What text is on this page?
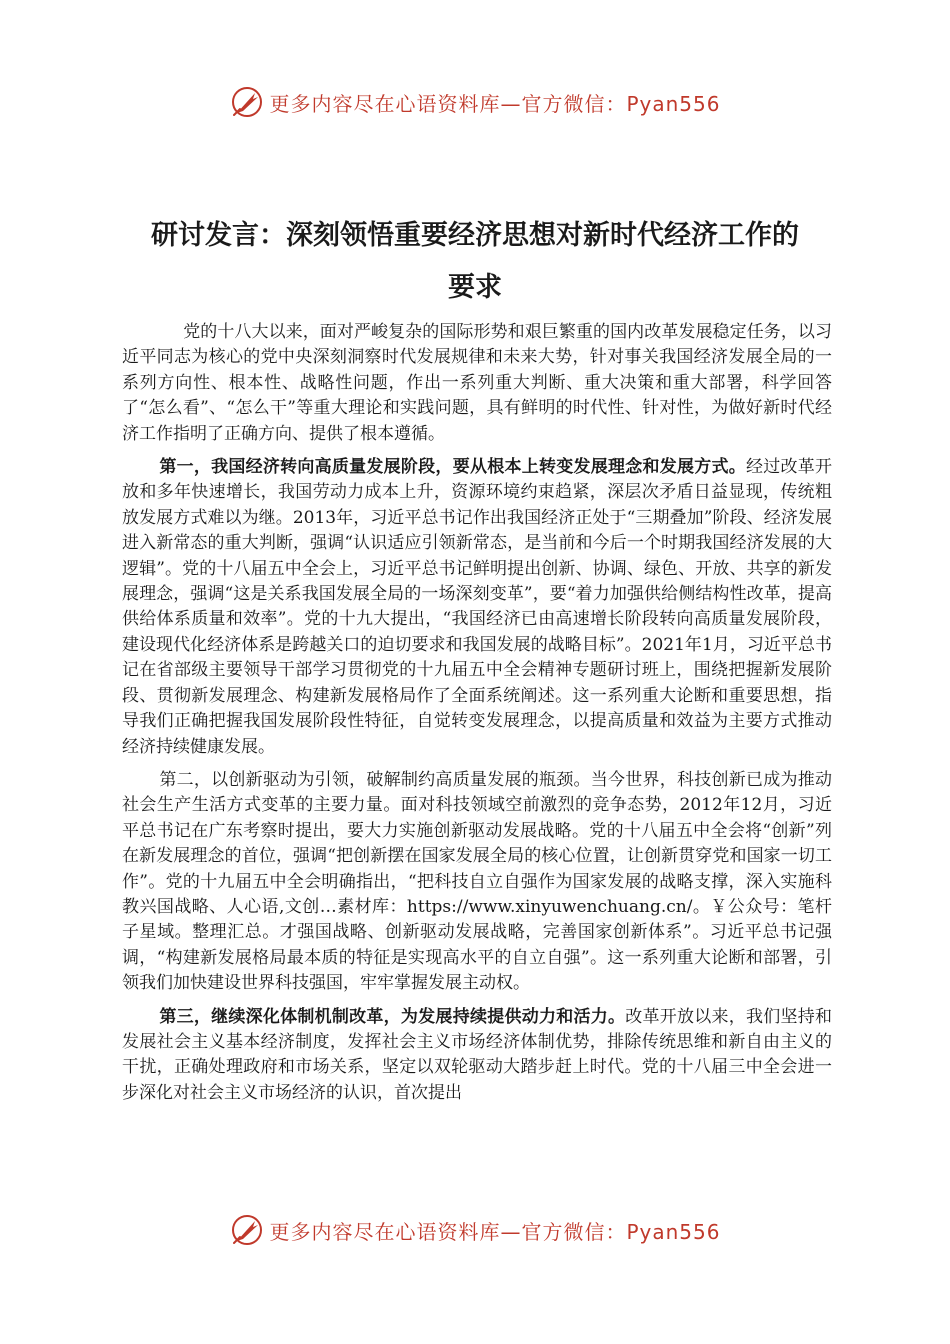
更多内容尽在心语资料库—官方微信：Pyan556
研讨发言：深刻领悟重要经济思想对新时代经济工作的
要求

党的十八大以来，面对严峻复杂的国际形势和艰巨繁重的国内改革发展稳定任务，以习近平同志为核心的党中央深刻洞察时代发展规律和未来大势，针对事关我国经济发展全局的一系列方向性、根本性、战略性问题，作出一系列重大判断、重大决策和重大部署，科学回答了“怎么看”、“怎么干”等重大理论和实践问题，具有鲜明的时代性、针对性，为做好新时代经济工作指明了正确方向、提供了根本遵循。

第一，我国经济转向高质量发展阶段，要从根本上转变发展理念和发展方式。经过改革开放和多年快速增长，我国劳动力成本上升，资源环境约束趋紧，深层次矛盾日益显现，传统粗放发展方式难以为继。2013年，习近平总书记作出我国经济正处于“三期叠加”阶段、经济发展进入新常态的重大判断，强调“认识适应引领新常态，是当前和今后一个时期我国经济发展的大逻辑”。党的十八届五中全会上，习近平总书记鲜明提出创新、协调、绿色、开放、共享的新发展理念，强调“这是关系我国发展全局的一场深刻变革”，要“着力加强供给侧结构性改革，提高供给体系质量和效率”。党的十九大提出，“我国经济已由高速增长阶段转向高质量发展阶段，建设现代化经济体系是跨越关口的迫切要求和我国发展的战略目标”。2021年1月，习近平总书记在省部级主要领导干部学习贯彻党的十九届五中全会精神专题研讨班上，围绕把握新发展阶段、贯彻新发展理念、构建新发展格局作了全面系统阐述。这一系列重大论断和重要思想，指导我们正确把握我国发展阶段性特征，自觉转变发展理念，以提高质量和效益为主要方式推动经济持续健康发展。

第二，以创新驱动为引领，破解制约高质量发展的瓶颈。当今世界，科技创新已成为推动社会生产生活方式变革的主要力量。面对科技领域空前激烈的竞争态势，2012年12月，习近平总书记在广东考察时提出，要大力实施创新驱动发展战略。党的十八届五中全会将“创新”列在新发展理念的首位，强调“把创新摆在国家发展全局的核心位置，让创新贯穿党和国家一切工作”。党的十九届五中全会明确指出，“把科技自立自强作为国家发展的战略支撑，深入实施科教兴国战略、人心语,文创…素材库：https://www.xinyuwenchuang.cn/。￥公众号：笔杆子星域。整理汇总。才强国战略、创新驱动发展战略，完善国家创新体系”。习近平总书记强调，“构建新发展格局最本质的特征是实现高水平的自立自强”。这一系列重大论断和部署，引领我们加快建设世界科技强国，牢牢掌握发展主动权。

第三，继续深化体制机制改革，为发展持续提供动力和活力。改革开放以来，我们坚持和发展社会主义基本经济制度，发挥社会主义市场经济体制优势，排除传统思维和新自由主义的干扰，正确处理政府和市场关系，坚定以双轮驱动大踏步赶上时代。党的十八届三中全会进一步深化对社会主义市场经济的认识，首次提出

更多内容尽在心语资料库—官方微信：Pyan556
